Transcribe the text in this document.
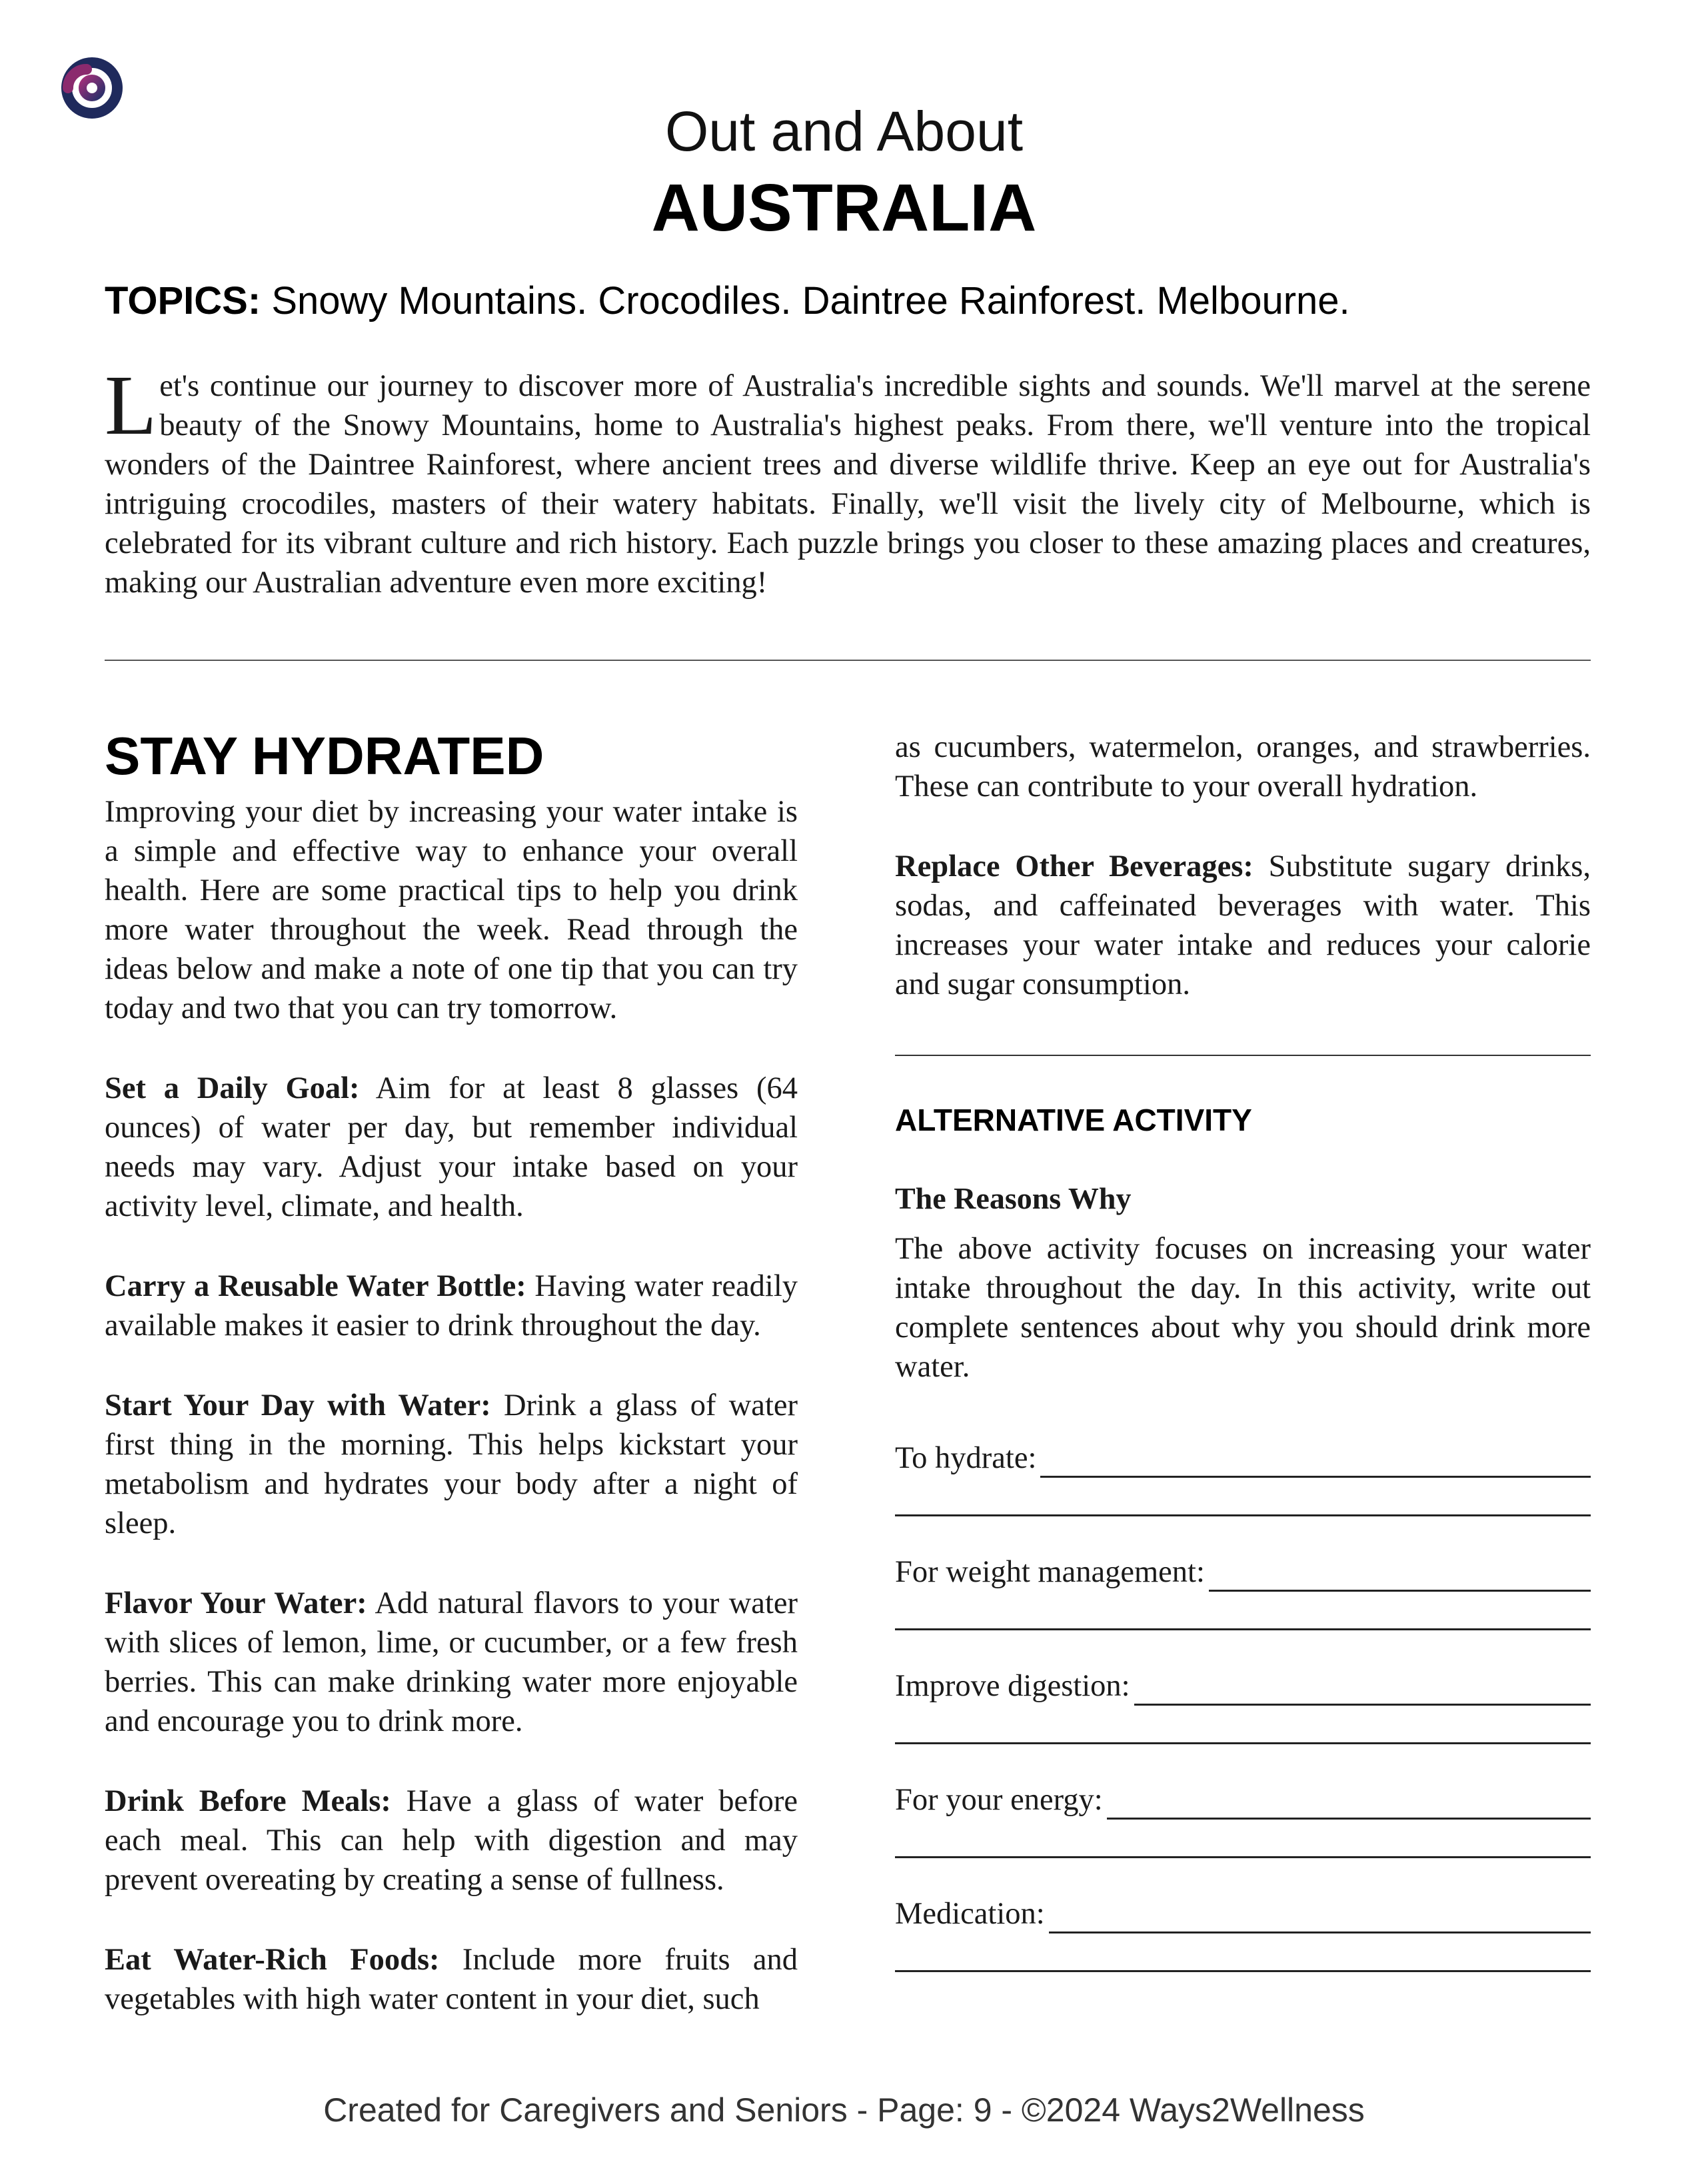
Out and About
AUSTRALIA
TOPICS: Snowy Mountains. Crocodiles. Daintree Rainforest. Melbourne.
Let's continue our journey to discover more of Australia's incredible sights and sounds. We'll marvel at the serene beauty of the Snowy Mountains, home to Australia's highest peaks. From there, we'll venture into the tropical wonders of the Daintree Rainforest, where ancient trees and diverse wildlife thrive. Keep an eye out for Australia's intriguing crocodiles, masters of their watery habitats. Finally, we'll visit the lively city of Melbourne, which is celebrated for its vibrant culture and rich history. Each puzzle brings you closer to these amazing places and creatures, making our Australian adventure even more exciting!
STAY HYDRATED

Improving your diet by increasing your water intake is a simple and effective way to enhance your overall health. Here are some practical tips to help you drink more water throughout the week. Read through the ideas below and make a note of one tip that you can try today and two that you can try tomorrow.

Set a Daily Goal: Aim for at least 8 glasses (64 ounces) of water per day, but remember individual needs may vary. Adjust your intake based on your activity level, climate, and health.

Carry a Reusable Water Bottle: Having water readily available makes it easier to drink throughout the day.

Start Your Day with Water: Drink a glass of water first thing in the morning. This helps kickstart your metabolism and hydrates your body after a night of sleep.

Flavor Your Water: Add natural flavors to your water with slices of lemon, lime, or cucumber, or a few fresh berries. This can make drinking water more enjoyable and encourage you to drink more.

Drink Before Meals: Have a glass of water before each meal. This can help with digestion and may prevent overeating by creating a sense of fullness.

Eat Water-Rich Foods: Include more fruits and vegetables with high water content in your diet, such

as cucumbers, watermelon, oranges, and strawberries. These can contribute to your overall hydration.

Replace Other Beverages: Substitute sugary drinks, sodas, and caffeinated beverages with water. This increases your water intake and reduces your calorie and sugar consumption.

ALTERNATIVE ACTIVITY
The Reasons Why

The above activity focuses on increasing your water intake throughout the day. In this activity, write out complete sentences about why you should drink more water.

To hydrate:
For weight management:
Improve digestion:
For your energy:
Medication:
Created for Caregivers and Seniors - Page: 9 - ©2024 Ways2Wellness
